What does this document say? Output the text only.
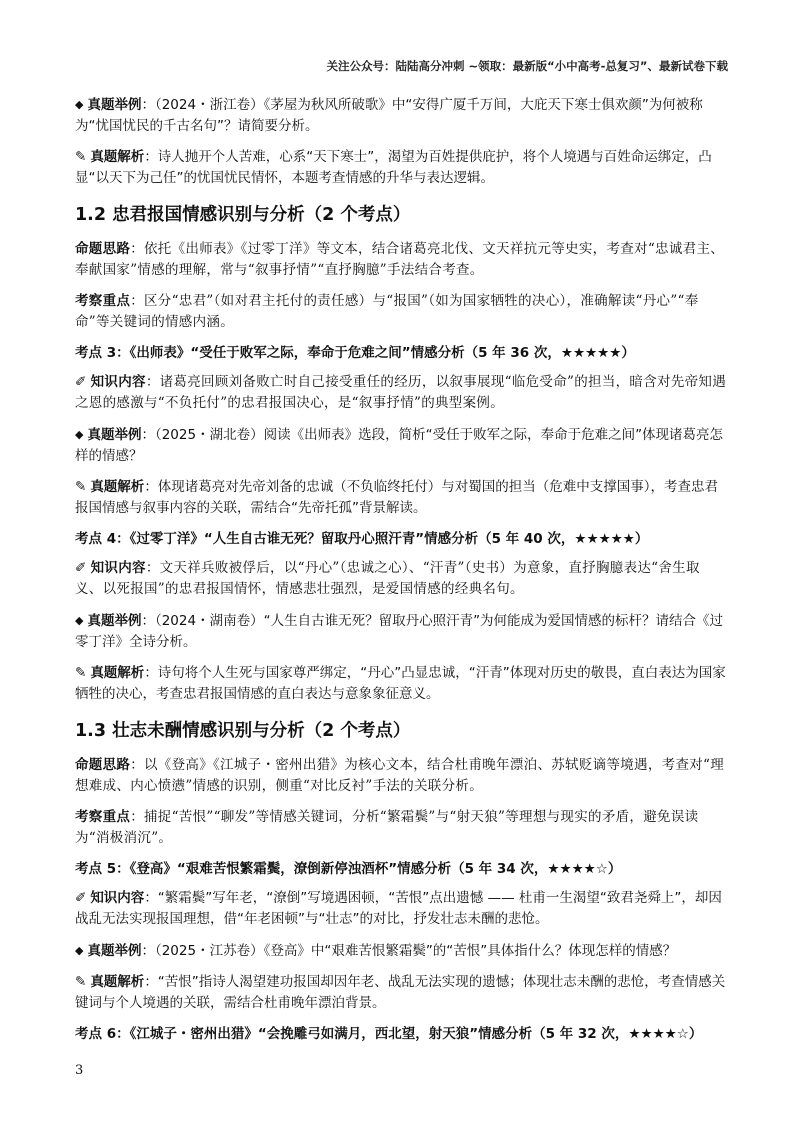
关注公众号：陆陆高分冲刺 ~领取：最新版“小中高考-总复习”、最新试卷下载
◆ 真题举例：（2024・浙江卷）《茅屋为秋风所破歌》中“安得广厦千万间，大庇天下寒士俱欢颜”为何被称为“忧国忧民的千古名句”？请简要分析。
✎ 真题解析：诗人抛开个人苦难，心系“天下寒士”，渴望为百姓提供庇护，将个人境遇与百姓命运绑定，凸显“以天下为己任”的忧国忧民情怀，本题考查情感的升华与表达逻辑。
1.2 忠君报国情感识别与分析（2 个考点）
命题思路：依托《出师表》《过零丁洋》等文本，结合诸葛亮北伐、文天祥抗元等史实，考查对“忠诚君主、奉献国家”情感的理解，常与“叙事抒情”“直抒胸臆”手法结合考查。
考察重点：区分“忠君”（如对君主托付的责任感）与“报国”（如为国家牺牲的决心），准确解读“丹心”“奉命”等关键词的情感内涵。
考点 3：《出师表》“受任于败军之际，奉命于危难之间”情感分析（5 年 36 次，★★★★★）
✐ 知识内容：诸葛亮回顾刘备败亡时自己接受重任的经历，以叙事展现“临危受命”的担当，暗含对先帝知遇之恩的感激与“不负托付”的忠君报国决心，是“叙事抒情”的典型案例。
◆ 真题举例：（2025・湖北卷）阅读《出师表》选段，简析“受任于败军之际，奉命于危难之间”体现诸葛亮怎样的情感？
✎ 真题解析：体现诸葛亮对先帝刘备的忠诚（不负临终托付）与对蜀国的担当（危难中支撑国事），考查忠君报国情感与叙事内容的关联，需结合“先帝托孤”背景解读。
考点 4：《过零丁洋》“人生自古谁无死？留取丹心照汗青”情感分析（5 年 40 次，★★★★★）
✐ 知识内容：文天祥兵败被俘后，以“丹心”（忠诚之心）、“汗青”（史书）为意象，直抒胸臆表达“舍生取义、以死报国”的忠君报国情怀，情感悲壮强烈，是爱国情感的经典名句。
◆ 真题举例：（2024・湖南卷）“人生自古谁无死？留取丹心照汗青”为何能成为爱国情感的标杆？请结合《过零丁洋》全诗分析。
✎ 真题解析：诗句将个人生死与国家尊严绑定，“丹心”凸显忠诚，“汗青”体现对历史的敬畏，直白表达为国家牺牲的决心，考查忠君报国情感的直白表达与意象象征意义。
1.3 壮志未酬情感识别与分析（2 个考点）
命题思路：以《登高》《江城子・密州出猎》为核心文本，结合杜甫晚年漂泊、苏轼贬谪等境遇，考查对“理想难成、内心愤懑”情感的识别，侧重“对比反衬”手法的关联分析。
考察重点：捕捉“苦恨”“聊发”等情感关键词，分析“繁霜鬓”与“射天狼”等理想与现实的矛盾，避免误读为“消极消沉”。
考点 5：《登高》“艰难苦恨繁霜鬓，潦倒新停浊酒杯”情感分析（5 年 34 次，★★★★☆）
✐ 知识内容：“繁霜鬓”写年老，“潦倒”写境遇困顿，“苦恨”点出遗憾 —— 杜甫一生渴望“致君尧舜上”，却因战乱无法实现报国理想，借“年老困顿”与“壮志”的对比，抒发壮志未酬的悲怆。
◆ 真题举例：（2025・江苏卷）《登高》中“艰难苦恨繁霜鬓”的“苦恨”具体指什么？体现怎样的情感？
✎ 真题解析：“苦恨”指诗人渴望建功报国却因年老、战乱无法实现的遗憾；体现壮志未酬的悲怆，考查情感关键词与个人境遇的关联，需结合杜甫晚年漂泊背景。
考点 6：《江城子・密州出猎》“会挽雕弓如满月，西北望，射天狼”情感分析（5 年 32 次，★★★★☆）
3
